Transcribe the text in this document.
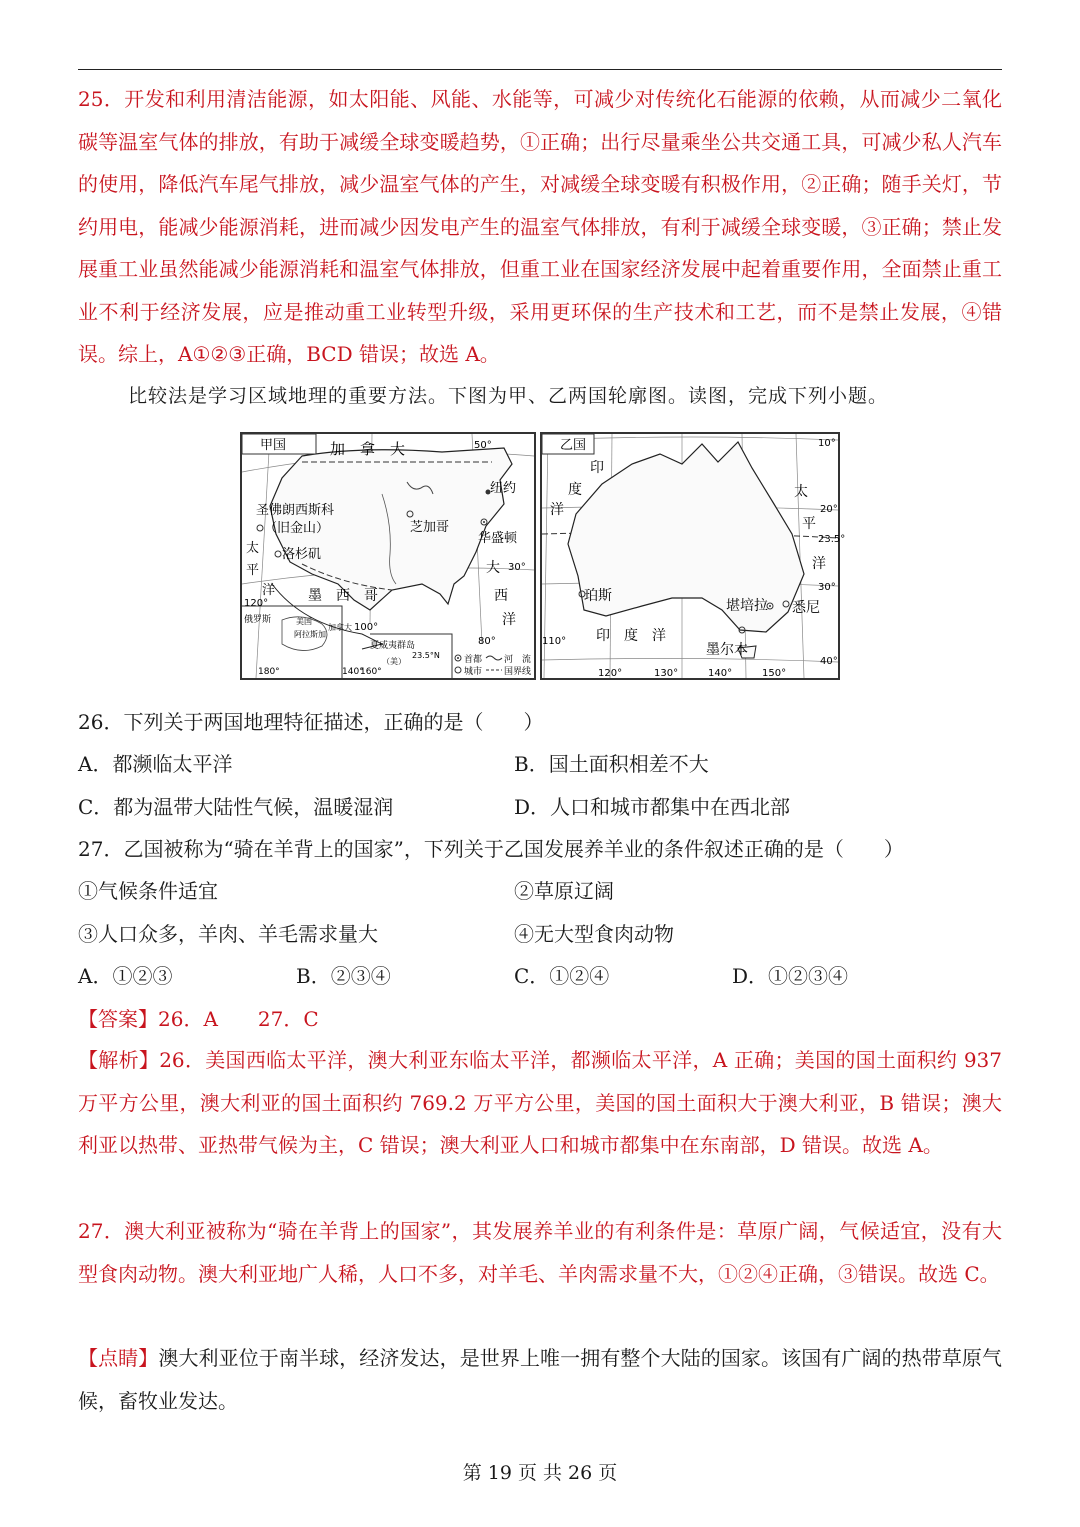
25．开发和利用清洁能源，如太阳能、风能、水能等，可减少对传统化石能源的依赖，从而减少二氧化碳等温室气体的排放，有助于减缓全球变暖趋势，①正确；出行尽量乘坐公共交通工具，可减少私人汽车的使用，降低汽车尾气排放，减少温室气体的产生，对减缓全球变暖有积极作用，②正确；随手关灯，节约用电，能减少能源消耗，进而减少因发电产生的温室气体排放，有利于减缓全球变暖，③正确；禁止发展重工业虽然能减少能源消耗和温室气体排放，但重工业在国家经济发展中起着重要作用，全面禁止重工业不利于经济发展，应是推动重工业转型升级，采用更环保的生产技术和工艺，而不是禁止发展，④错误。综上，A①②③正确，BCD 错误；故选 A。
比较法是学习区域地理的重要方法。下图为甲、乙两国轮廓图。读图，完成下列小题。
甲国	加　拿　大	50°
纽约
圣佛朗西斯科
（旧金山）	芝加哥
华盛顿
洛杉矶
太
平
洋
大
西
洋
30°
墨　西　哥
120°
100°
80°
俄罗斯	美国
阿拉斯加
加拿大
180°	140°
夏威夷群岛
（美）
23.5°N
160°
首都
城市
河　流
国界线
乙国	10°
印
度
洋
太
平
洋
20°
23.5°
30°
珀斯
堪培拉 悉尼
印　度　洋
墨尔本
40°
110°
120°	130°	140°	150°
26．下列关于两国地理特征描述，正确的是（　　）
A．都濒临太平洋	B．国土面积相差不大
C．都为温带大陆性气候，温暖湿润	D．人口和城市都集中在西北部
27．乙国被称为“骑在羊背上的国家”，下列关于乙国发展养羊业的条件叙述正确的是（　　）
①气候条件适宜	②草原辽阔
③人口众多，羊肉、羊毛需求量大	④无大型食肉动物
A．①②③	B．②③④	C．①②④	D．①②③④
【答案】26．A　　27．C
【解析】26．美国西临太平洋，澳大利亚东临太平洋，都濒临太平洋，A 正确；美国的国土面积约 937 万平方公里，澳大利亚的国土面积约 769.2 万平方公里，美国的国土面积大于澳大利亚，B 错误；澳大利亚以热带、亚热带气候为主，C 错误；澳大利亚人口和城市都集中在东南部，D 错误。故选 A。
27．澳大利亚被称为“骑在羊背上的国家”，其发展养羊业的有利条件是：草原广阔，气候适宜，没有大型食肉动物。澳大利亚地广人稀，人口不多，对羊毛、羊肉需求量不大，①②④正确，③错误。故选 C。
【点睛】澳大利亚位于南半球，经济发达，是世界上唯一拥有整个大陆的国家。该国有广阔的热带草原气候，畜牧业发达。
第 19 页 共 26 页
